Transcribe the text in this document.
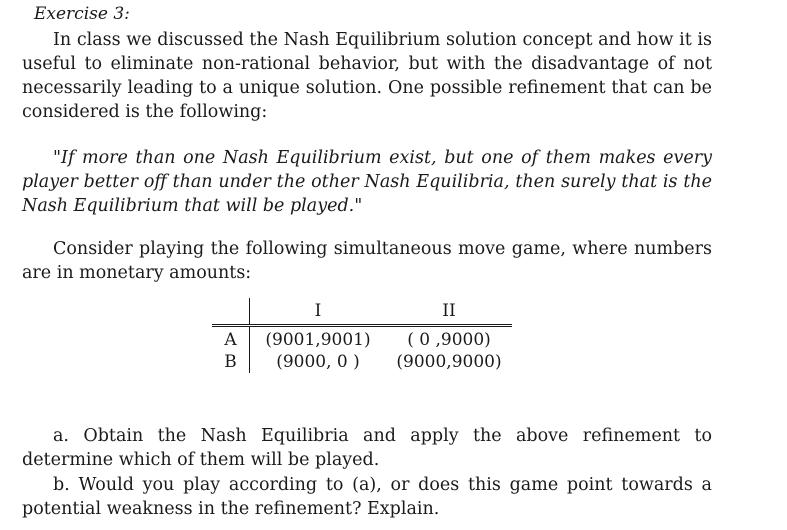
Exercise 3:

In class we discussed the Nash Equilibrium solution concept and how it is useful to eliminate non-rational behavior, but with the disadvantage of not necessarily leading to a unique solution. One possible refinement that can be considered is the following:

"If more than one Nash Equilibrium exist, but one of them makes every player better off than under the other Nash Equilibria, then surely that is the Nash Equilibrium that will be played."

Consider playing the following simultaneous move game, where numbers are in monetary amounts:

	I	II
A	(9001,9001)	( 0 ,9000)
B	(9000, 0 )	(9000,9000)

a. Obtain the Nash Equilibria and apply the above refinement to determine which of them will be played.

b. Would you play according to (a), or does this game point towards a potential weakness in the refinement? Explain.
